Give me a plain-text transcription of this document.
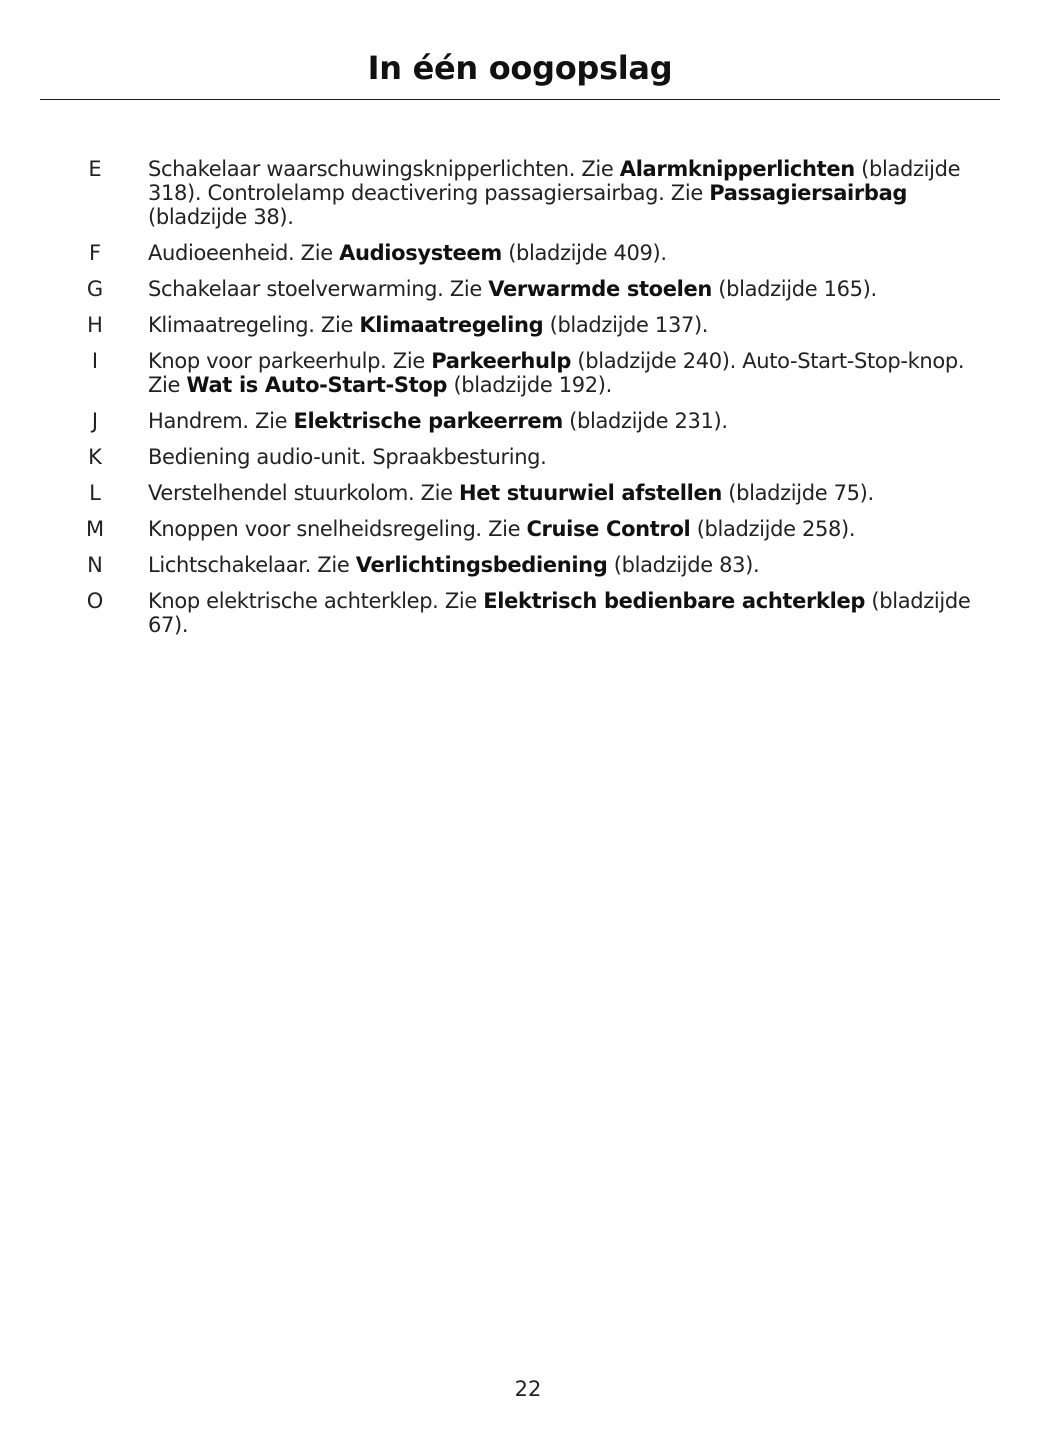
In één oogopslag
E	Schakelaar waarschuwingsknipperlichten. Zie Alarmknipperlichten (bladzijde 318). Controlelamp deactivering passagiersairbag. Zie Passagiersairbag (bladzijde 38).
F	Audioeenheid. Zie Audiosysteem (bladzijde 409).
G	Schakelaar stoelverwarming. Zie Verwarmde stoelen (bladzijde 165).
H	Klimaatregeling. Zie Klimaatregeling (bladzijde 137).
I	Knop voor parkeerhulp. Zie Parkeerhulp (bladzijde 240). Auto-Start-Stop-knop. Zie Wat is Auto-Start-Stop (bladzijde 192).
J	Handrem. Zie Elektrische parkeerrem (bladzijde 231).
K	Bediening audio-unit. Spraakbesturing.
L	Verstelhendel stuurkolom. Zie Het stuurwiel afstellen (bladzijde 75).
M Knoppen voor snelheidsregeling. Zie Cruise Control (bladzijde 258).
N	Lichtschakelaar. Zie Verlichtingsbediening (bladzijde 83).
O	Knop elektrische achterklep. Zie Elektrisch bedienbare achterklep (bladzijde 67).
22
